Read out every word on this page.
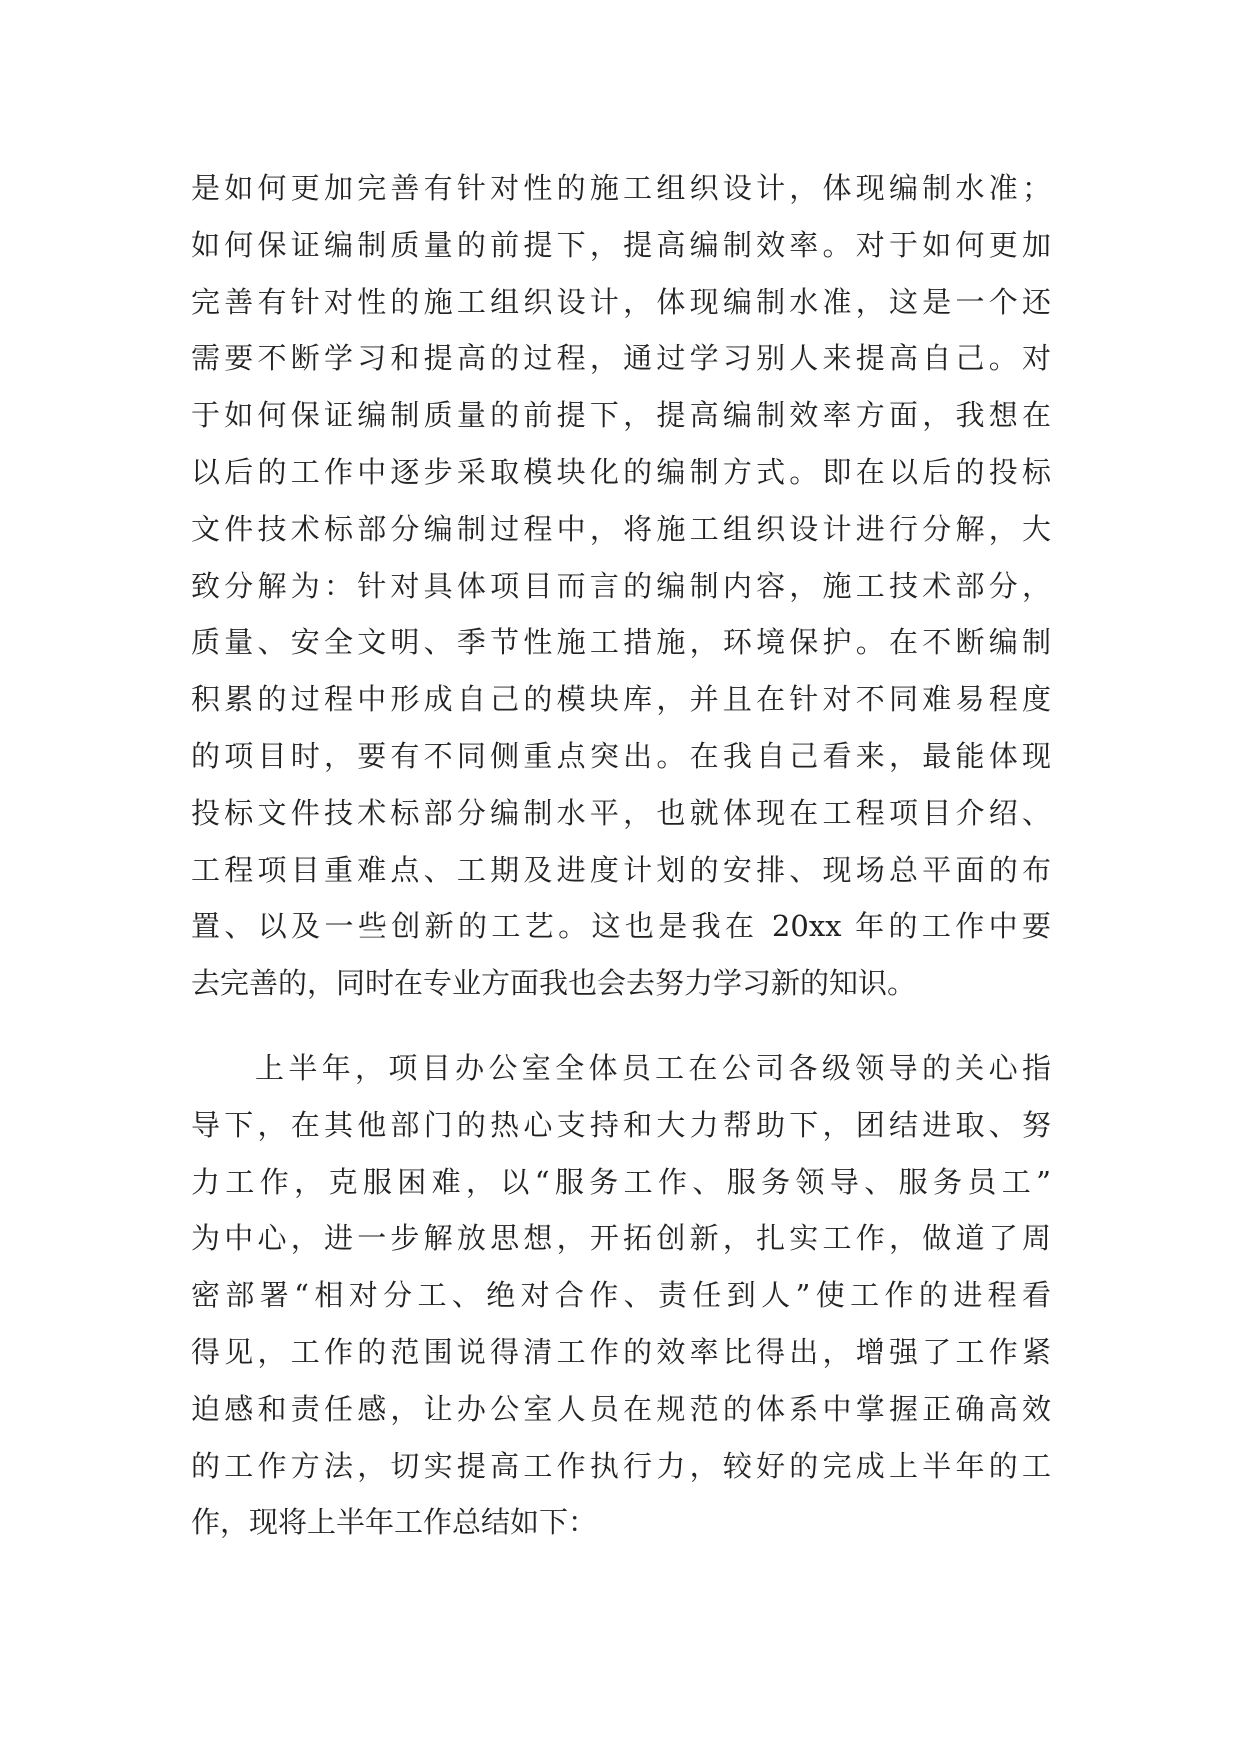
是如何更加完善有针对性的施工组织设计，体现编制水准；
如何保证编制质量的前提下，提高编制效率。对于如何更加
完善有针对性的施工组织设计，体现编制水准，这是一个还
需要不断学习和提高的过程，通过学习别人来提高自己。对
于如何保证编制质量的前提下，提高编制效率方面，我想在
以后的工作中逐步采取模块化的编制方式。即在以后的投标
文件技术标部分编制过程中，将施工组织设计进行分解，大
致分解为：针对具体项目而言的编制内容，施工技术部分，
质量、安全文明、季节性施工措施，环境保护。在不断编制
积累的过程中形成自己的模块库，并且在针对不同难易程度
的项目时，要有不同侧重点突出。在我自己看来，最能体现
投标文件技术标部分编制水平，也就体现在工程项目介绍、
工程项目重难点、工期及进度计划的安排、现场总平面的布
置、以及一些创新的工艺。这也是我在 20xx 年的工作中要
去完善的，同时在专业方面我也会去努力学习新的知识。
上半年，项目办公室全体员工在公司各级领导的关心指
导下，在其他部门的热心支持和大力帮助下，团结进取、努
力工作，克服困难，以“服务工作、服务领导、服务员工”
为中心，进一步解放思想，开拓创新，扎实工作，做道了周
密部署“相对分工、绝对合作、责任到人”使工作的进程看
得见，工作的范围说得清工作的效率比得出，增强了工作紧
迫感和责任感，让办公室人员在规范的体系中掌握正确高效
的工作方法，切实提高工作执行力，较好的完成上半年的工
作，现将上半年工作总结如下：
